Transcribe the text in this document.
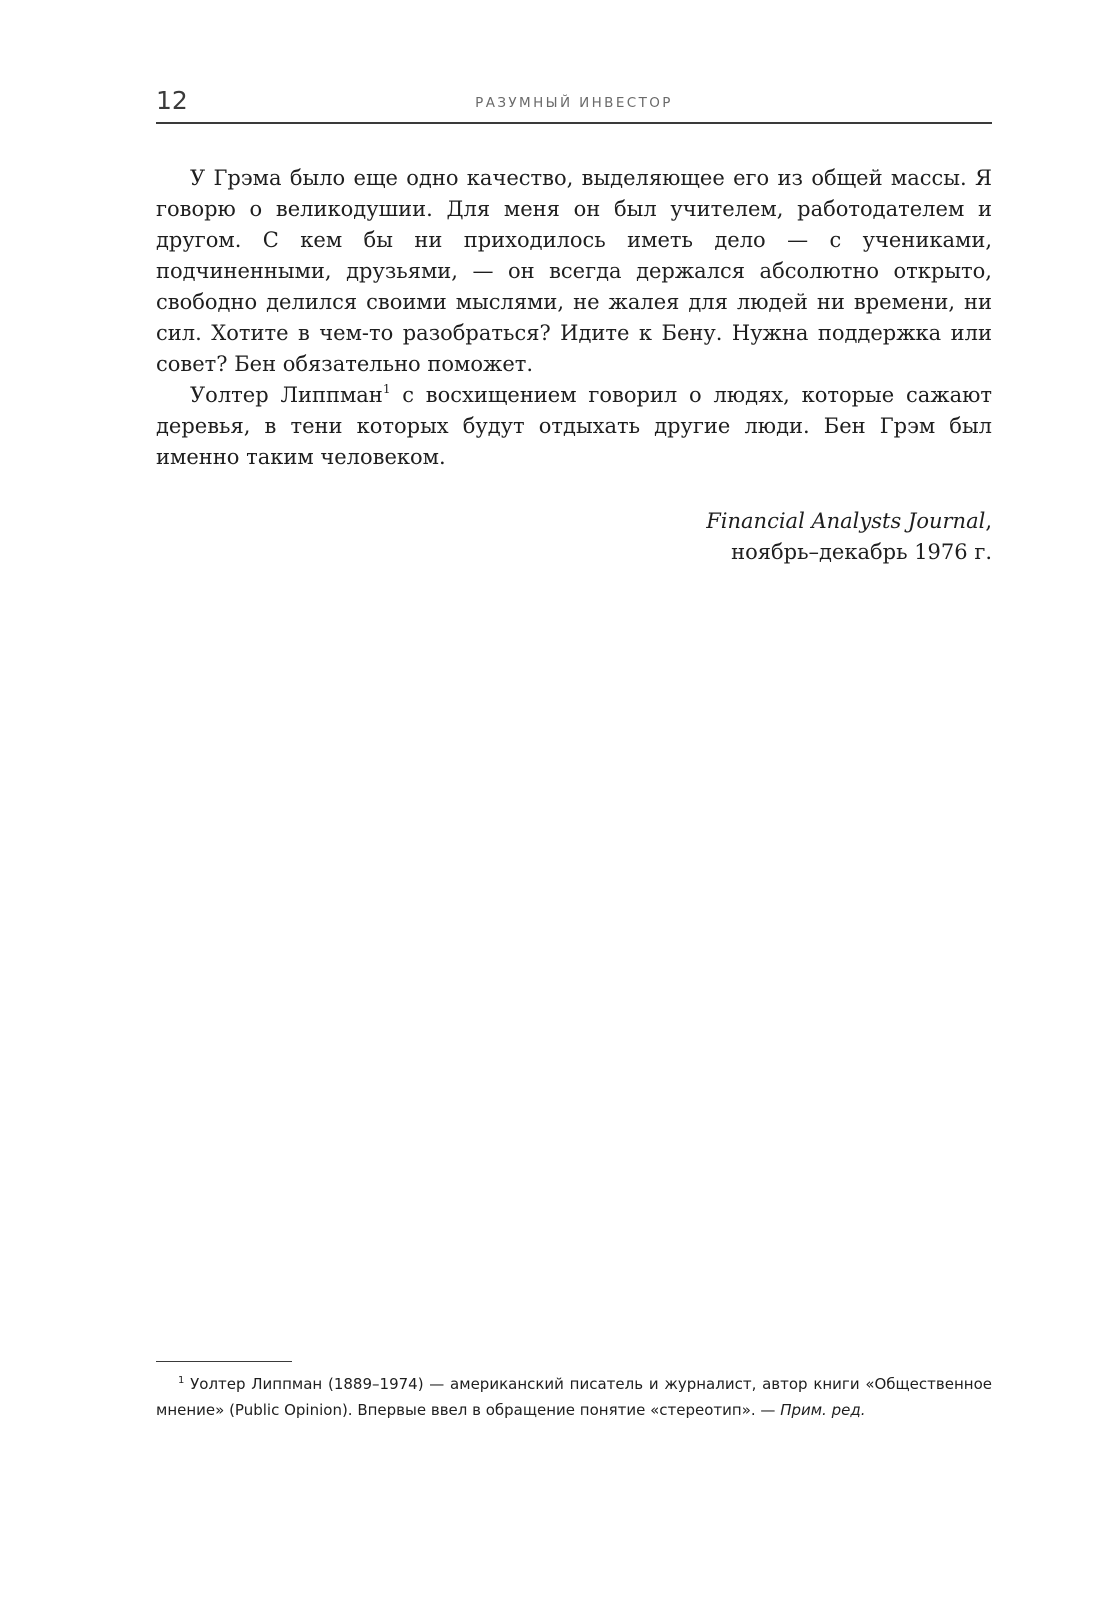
12	РАЗУМНЫЙ ИНВЕСТОР

У Грэма было еще одно качество, выделяющее его из общей массы. Я говорю о великодушии. Для меня он был учителем, работодателем и другом. С кем бы ни приходилось иметь дело — с учениками, подчиненными, друзьями, — он всегда держался абсолютно открыто, свободно делился своими мыслями, не жалея для людей ни времени, ни сил. Хотите в чем-то разобраться? Идите к Бену. Нужна поддержка или совет? Бен обязательно поможет.

Уолтер Липпман$^1$ с восхищением говорил о людях, которые сажают деревья, в тени которых будут отдыхать другие люди. Бен Грэм был именно таким человеком.

Financial Analysts Journal,
ноябрь–декабрь 1976 г.

$^1$ Уолтер Липпман (1889–1974) — американский писатель и журналист, автор книги «Общественное мнение» (Public Opinion). Впервые ввел в обращение понятие «стереотип». — Прим. ред.
